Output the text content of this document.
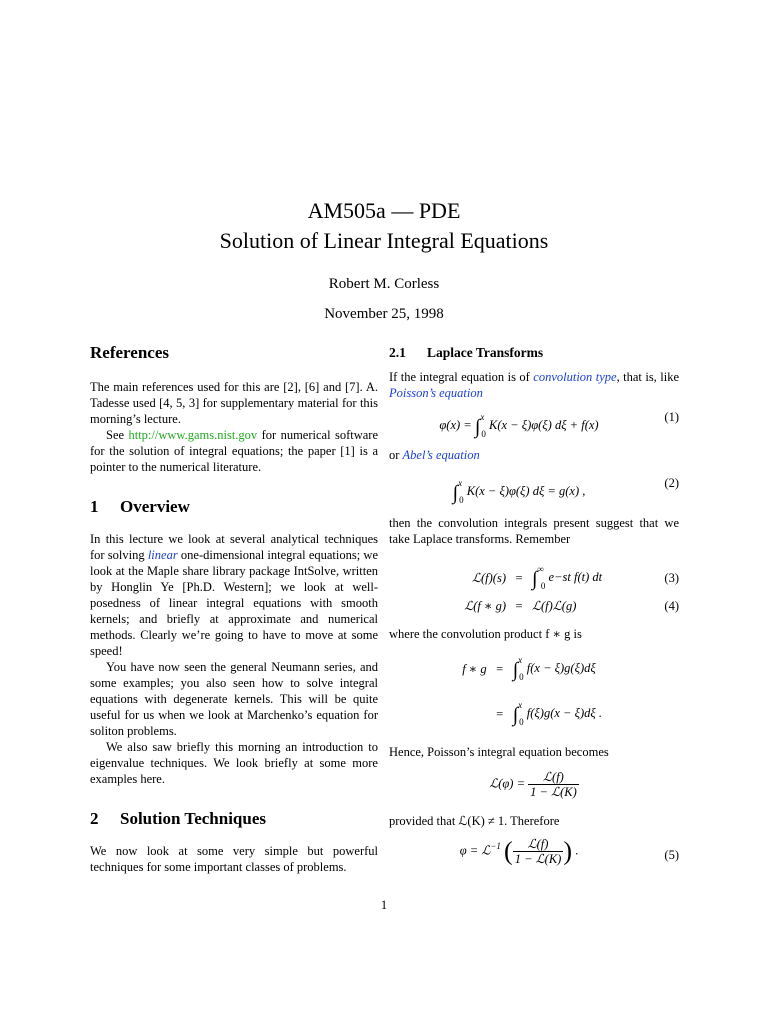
AM505a — PDE
Solution of Linear Integral Equations
Robert M. Corless
November 25, 1998
References

The main references used for this are [2], [6] and [7]. A. Tadesse used [4, 5, 3] for supplementary material for this morning’s lecture.

See http://www.gams.nist.gov for numerical software for the solution of integral equations; the paper [1] is a pointer to the numerical literature.

1 Overview

In this lecture we look at several analytical techniques for solving linear one-dimensional integral equations; we look at the Maple share library package IntSolve, written by Honglin Ye [Ph.D. Western]; we look at well-posedness of linear integral equations with smooth kernels; and briefly at approximate and numerical methods. Clearly we’re going to have to move at some speed!

You have now seen the general Neumann series, and some examples; you also seen how to solve integral equations with degenerate kernels. This will be quite useful for us when we look at Marchenko’s equation for soliton problems.

We also saw briefly this morning an introduction to eigenvalue techniques. We look briefly at some more examples here.

2 Solution Techniques

We now look at some very simple but powerful techniques for some important classes of problems.

2.1 Laplace Transforms

If the integral equation is of convolution type, that is, like Poisson’s equation

φ(x) = ∫$^x_0$ K(x − ξ)φ(ξ) dξ + f(x)
(1)

or Abel’s equation

∫$^x_0$ K(x − ξ)φ(ξ) dξ = g(x) ,
(2)

then the convolution integrals present suggest that we take Laplace transforms. Remember

ℒ(f)(s) = $\int^\infty_0$ e−st f(t) dt	(3)
ℒ(f ∗ g) = ℒ(f)ℒ(g)	(4)

where the convolution product f ∗ g is

f ∗ g = ∫$^x_0$ f(x − ξ)g(ξ)dξ
= ∫$^x_0$ f(ξ)g(x − ξ)dξ .

Hence, Poisson’s integral equation becomes

ℒ(φ) = $\frac{\text{ℒ(f)}}{\text{1 − ℒ(K)}}$

provided that ℒ(K) ≠ 1. Therefore

φ = ℒ$^{-1}$ ( $\frac{\text{ℒ(f)}}{\text{1 − ℒ(K)}}$ ) .	(5)
1
